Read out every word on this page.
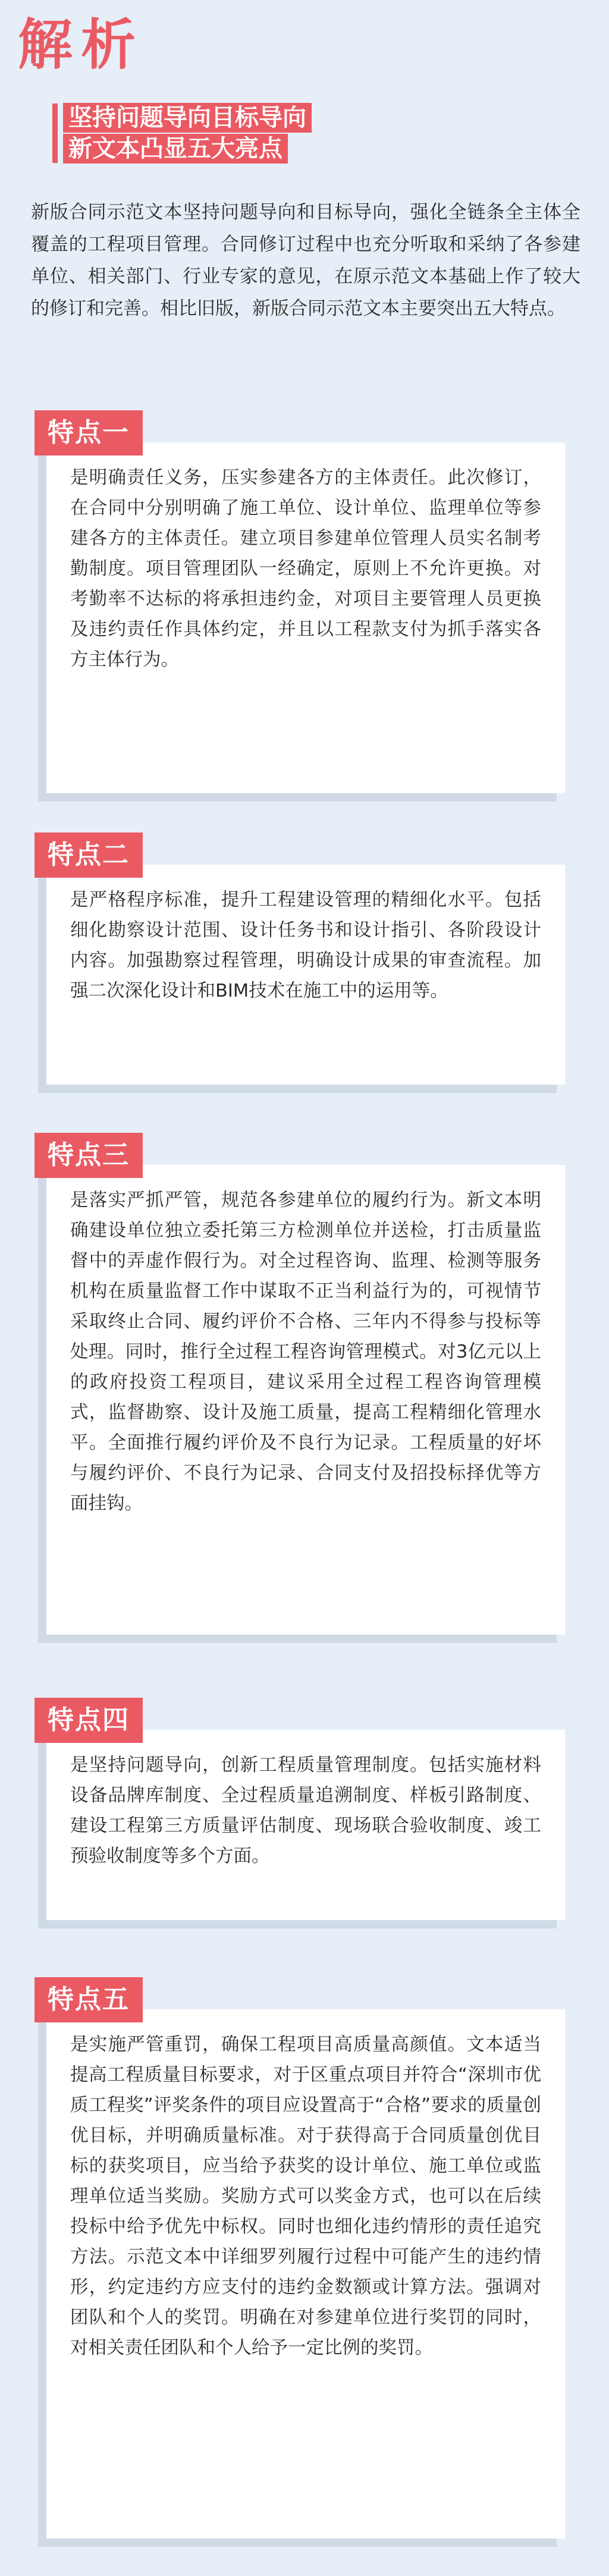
解析
坚持问题导向目标导向
新文本凸显五大亮点
新版合同示范文本坚持问题导向和目标导向，强化全链条全主体全覆盖的工程项目管理。合同修订过程中也充分听取和采纳了各参建单位、相关部门、行业专家的意见，在原示范文本基础上作了较大的修订和完善。相比旧版，新版合同示范文本主要突出五大特点。
特点一
是明确责任义务，压实参建各方的主体责任。此次修订，在合同中分别明确了施工单位、设计单位、监理单位等参建各方的主体责任。建立项目参建单位管理人员实名制考勤制度。项目管理团队一经确定，原则上不允许更换。对考勤率不达标的将承担违约金，对项目主要管理人员更换及违约责任作具体约定，并且以工程款支付为抓手落实各方主体行为。
特点二
是严格程序标准，提升工程建设管理的精细化水平。包括细化勘察设计范围、设计任务书和设计指引、各阶段设计内容。加强勘察过程管理，明确设计成果的审查流程。加强二次深化设计和BIM技术在施工中的运用等。
特点三
是落实严抓严管，规范各参建单位的履约行为。新文本明确建设单位独立委托第三方检测单位并送检，打击质量监督中的弄虚作假行为。对全过程咨询、监理、检测等服务机构在质量监督工作中谋取不正当利益行为的，可视情节采取终止合同、履约评价不合格、三年内不得参与投标等处理。同时，推行全过程工程咨询管理模式。对3亿元以上的政府投资工程项目，建议采用全过程工程咨询管理模式，监督勘察、设计及施工质量，提高工程精细化管理水平。全面推行履约评价及不良行为记录。工程质量的好坏与履约评价、不良行为记录、合同支付及招投标择优等方面挂钩。
特点四
是坚持问题导向，创新工程质量管理制度。包括实施材料设备品牌库制度、全过程质量追溯制度、样板引路制度、建设工程第三方质量评估制度、现场联合验收制度、竣工预验收制度等多个方面。
特点五
是实施严管重罚，确保工程项目高质量高颜值。文本适当提高工程质量目标要求，对于区重点项目并符合“深圳市优质工程奖”评奖条件的项目应设置高于“合格”要求的质量创优目标，并明确质量标准。对于获得高于合同质量创优目标的获奖项目，应当给予获奖的设计单位、施工单位或监理单位适当奖励。奖励方式可以奖金方式，也可以在后续投标中给予优先中标权。同时也细化违约情形的责任追究方法。示范文本中详细罗列履行过程中可能产生的违约情形，约定违约方应支付的违约金数额或计算方法。强调对团队和个人的奖罚。明确在对参建单位进行奖罚的同时，对相关责任团队和个人给予一定比例的奖罚。
